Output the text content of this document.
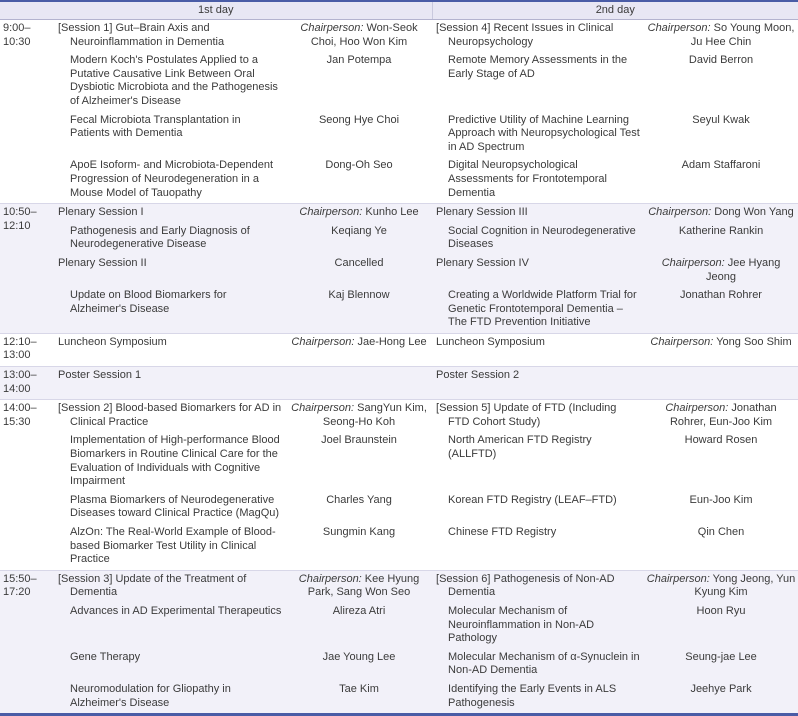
1st day			2nd day	

9:00–
10:30	[Session 1] Gut–Brain Axis and Neuroinflammation in Dementia	Chairperson: Won-Seok Choi, Hoo Won Kim	[Session 4] Recent Issues in Clinical Neuropsychology	Chairperson: So Young Moon, Ju Hee Chin
	Modern Koch's Postulates Applied to a Putative Causative Link Between Oral Dysbiotic Microbiota and the Pathogenesis of Alzheimer's Disease	Jan Potempa	Remote Memory Assessments in the Early Stage of AD	David Berron
	Fecal Microbiota Transplantation in Patients with Dementia	Seong Hye Choi	Predictive Utility of Machine Learning Approach with Neuropsychological Test in AD Spectrum	Seyul Kwak
	ApoE Isoform- and Microbiota-Dependent Progression of Neurodegeneration in a Mouse Model of Tauopathy	Dong-Oh Seo	Digital Neuropsychological Assessments for Frontotemporal Dementia	Adam Staffaroni

10:50–
12:10	Plenary Session I	Chairperson: Kunho Lee	Plenary Session III	Chairperson: Dong Won Yang
	Pathogenesis and Early Diagnosis of Neurodegenerative Disease	Keqiang Ye	Social Cognition in Neurodegenerative Diseases	Katherine Rankin
	Plenary Session II	Cancelled	Plenary Session IV	Chairperson: Jee Hyang Jeong
	Update on Blood Biomarkers for Alzheimer's Disease	Kaj Blennow	Creating a Worldwide Platform Trial for Genetic Frontotemporal Dementia – The FTD Prevention Initiative	Jonathan Rohrer

12:10–
13:00	Luncheon Symposium	Chairperson: Jae-Hong Lee	Luncheon Symposium	Chairperson: Yong Soo Shim

13:00–
14:00	Poster Session 1		Poster Session 2	

14:00–
15:30	[Session 2] Blood-based Biomarkers for AD in Clinical Practice	Chairperson: SangYun Kim, Seong-Ho Koh	[Session 5] Update of FTD (Including FTD Cohort Study)	Chairperson: Jonathan Rohrer, Eun-Joo Kim
	Implementation of High-performance Blood Biomarkers in Routine Clinical Care for the Evaluation of Individuals with Cognitive Impairment	Joel Braunstein	North American FTD Registry (ALLFTD)	Howard Rosen
	Plasma Biomarkers of Neurodegenerative Diseases toward Clinical Practice (MagQu)	Charles Yang	Korean FTD Registry (LEAF–FTD)	Eun-Joo Kim
	AlzOn: The Real-World Example of Blood-based Biomarker Test Utility in Clinical Practice	Sungmin Kang	Chinese FTD Registry	Qin Chen

15:50–
17:20	[Session 3] Update of the Treatment of Dementia	Chairperson: Kee Hyung Park, Sang Won Seo	[Session 6] Pathogenesis of Non-AD Dementia	Chairperson: Yong Jeong, Yun Kyung Kim
	Advances in AD Experimental Therapeutics	Alireza Atri	Molecular Mechanism of Neuroinflammation in Non-AD Pathology	Hoon Ryu
	Gene Therapy	Jae Young Lee	Molecular Mechanism of α-Synuclein in Non-AD Dementia	Seung-jae Lee
	Neuromodulation for Gliopathy in Alzheimer's Disease	Tae Kim	Identifying the Early Events in ALS Pathogenesis	Jeehye Park
